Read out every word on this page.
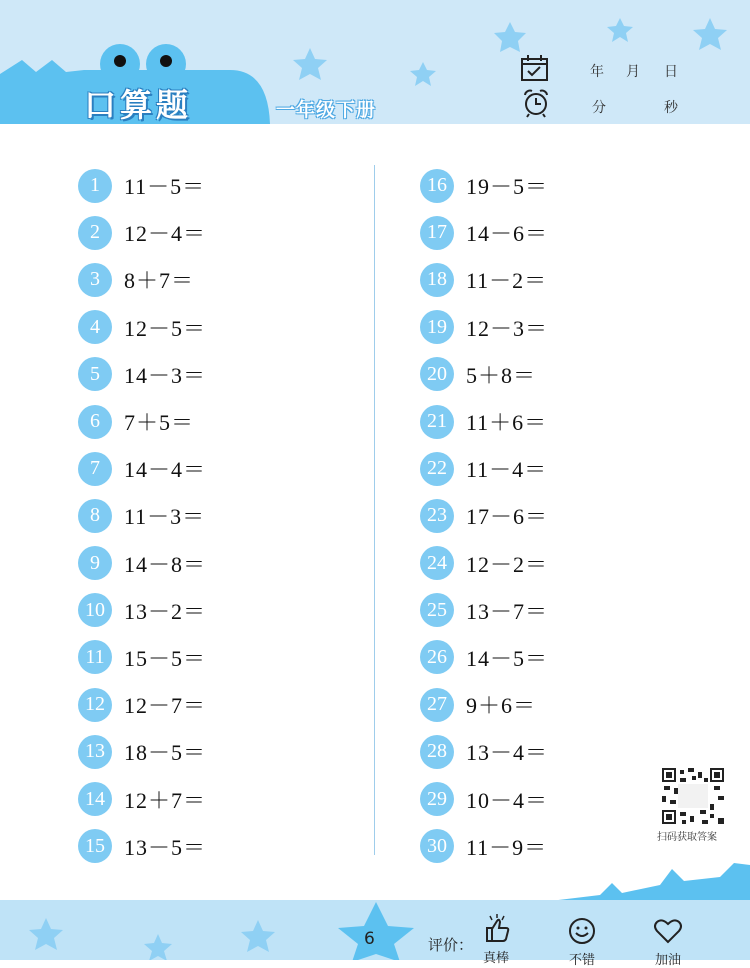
口算题	一年级下册
年 月 日
分	秒
1	11－5＝
2	12－4＝
3	8＋7＝
4	12－5＝
5	14－3＝
6	7＋5＝
7	14－4＝
8	11－3＝
9	14－8＝
10 13－2＝
11 15－5＝
12 12－7＝
13 18－5＝
14 12＋7＝
15 13－5＝
16 19－5＝
17 14－6＝
18 11－2＝
19 12－3＝
20 5＋8＝
21 11＋6＝
22 11－4＝
23 17－6＝
24 12－2＝
25 13－7＝
26 14－5＝
27 9＋6＝
28 13－4＝
29 10－4＝
30 11－9＝	扫码获取答案
6	评价：
真棒	不错	加油
